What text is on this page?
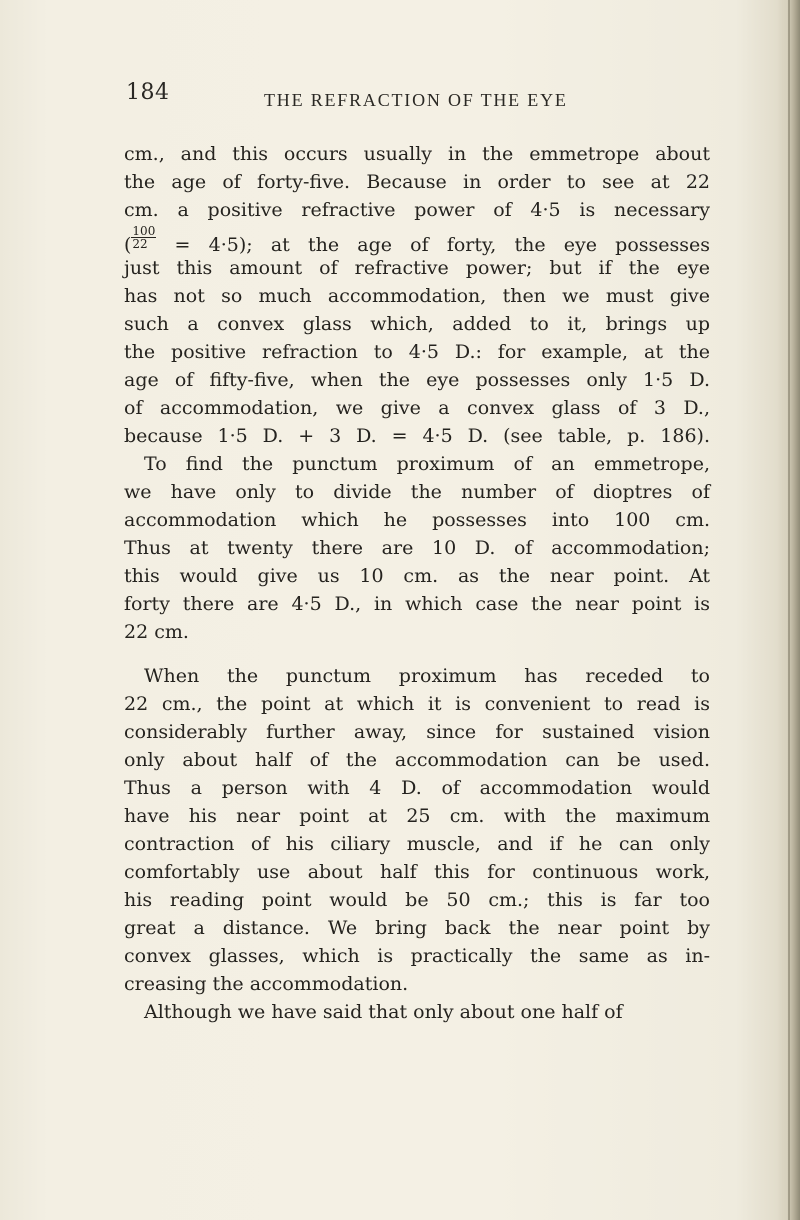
184	THE REFRACTION OF THE EYE
cm., and this occurs usually in the emmetrope about
the age of forty-five. Because in order to see at 22
cm. a positive refractive power of 4·5 is necessary
( $\frac{100}{22} = 4\cdot 5$); at the age of forty, the eye possesses
just this amount of refractive power; but if the eye
has not so much accommodation, then we must give
such a convex glass which, added to it, brings up
the positive refraction to 4·5 D.: for example, at the
age of fifty-five, when the eye possesses only 1·5 D.
of accommodation, we give a convex glass of 3 D.,
because 1·5 D. + 3 D. = 4·5 D. (see table, p. 186).
To find the punctum proximum of an emmetrope,
we have only to divide the number of dioptres of
accommodation which he possesses into 100 cm.
Thus at twenty there are 10 D. of accommodation;
this would give us 10 cm. as the near point. At
forty there are 4·5 D., in which case the near point is
22 cm.
When the punctum proximum has receded to
22 cm., the point at which it is convenient to read is
considerably further away, since for sustained vision
only about half of the accommodation can be used.
Thus a person with 4 D. of accommodation would
have his near point at 25 cm. with the maximum
contraction of his ciliary muscle, and if he can only
comfortably use about half this for continuous work,
his reading point would be 50 cm.; this is far too
great a distance. We bring back the near point by
convex glasses, which is practically the same as in-
creasing the accommodation.
Although we have said that only about one half of
